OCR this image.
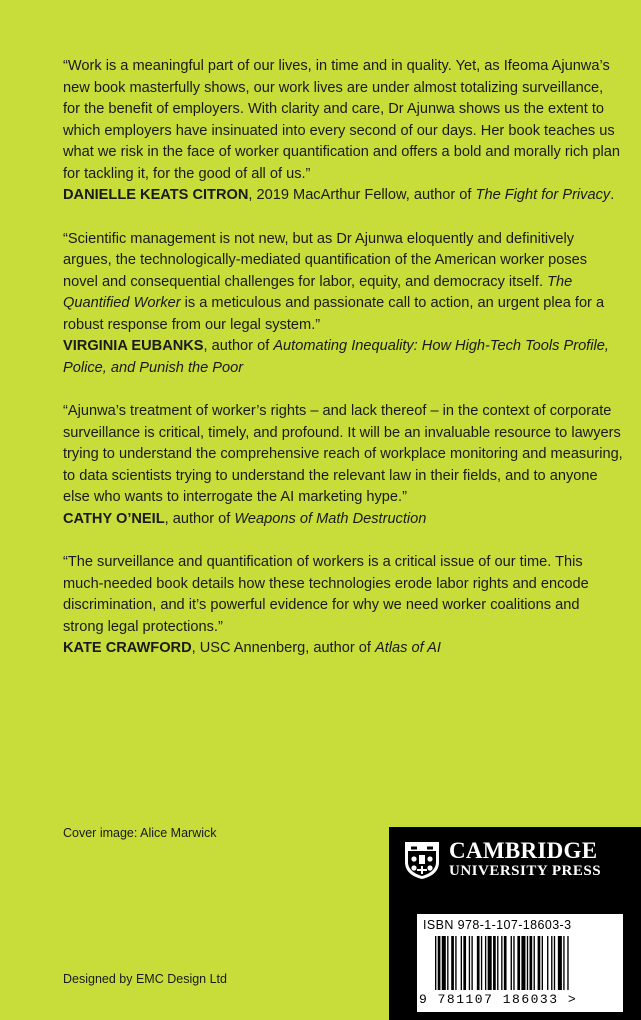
“Work is a meaningful part of our lives, in time and in quality. Yet, as Ifeoma Ajunwa’s new book masterfully shows, our work lives are under almost totalizing surveillance, for the benefit of employers. With clarity and care, Dr Ajunwa shows us the extent to which employers have insinuated into every second of our days. Her book teaches us what we risk in the face of worker quantification and offers a bold and morally rich plan for tackling it, for the good of all of us.”

DANIELLE KEATS CITRON, 2019 MacArthur Fellow, author of The Fight for Privacy.

“Scientific management is not new, but as Dr Ajunwa eloquently and definitively argues, the technologically-mediated quantification of the American worker poses novel and consequential challenges for labor, equity, and democracy itself. The Quantified Worker is a meticulous and passionate call to action, an urgent plea for a robust response from our legal system.”

VIRGINIA EUBANKS, author of Automating Inequality: How High-Tech Tools Profile, Police, and Punish the Poor

“Ajunwa’s treatment of worker’s rights – and lack thereof – in the context of corporate surveillance is critical, timely, and profound. It will be an invaluable resource to lawyers trying to understand the comprehensive reach of workplace monitoring and measuring, to data scientists trying to understand the relevant law in their fields, and to anyone else who wants to interrogate the AI marketing hype.”

CATHY O’NEIL, author of Weapons of Math Destruction

“The surveillance and quantification of workers is a critical issue of our time. This much-needed book details how these technologies erode labor rights and encode discrimination, and it’s powerful evidence for why we need worker coalitions and strong legal protections.”

KATE CRAWFORD, USC Annenberg, author of Atlas of AI

Cover image: Alice Marwick
Designed by EMC Design Ltd
CAMBRIDGE
UNIVERSITY PRESS
ISBN 978-1-107-18603-3
9 781107 186033 >
